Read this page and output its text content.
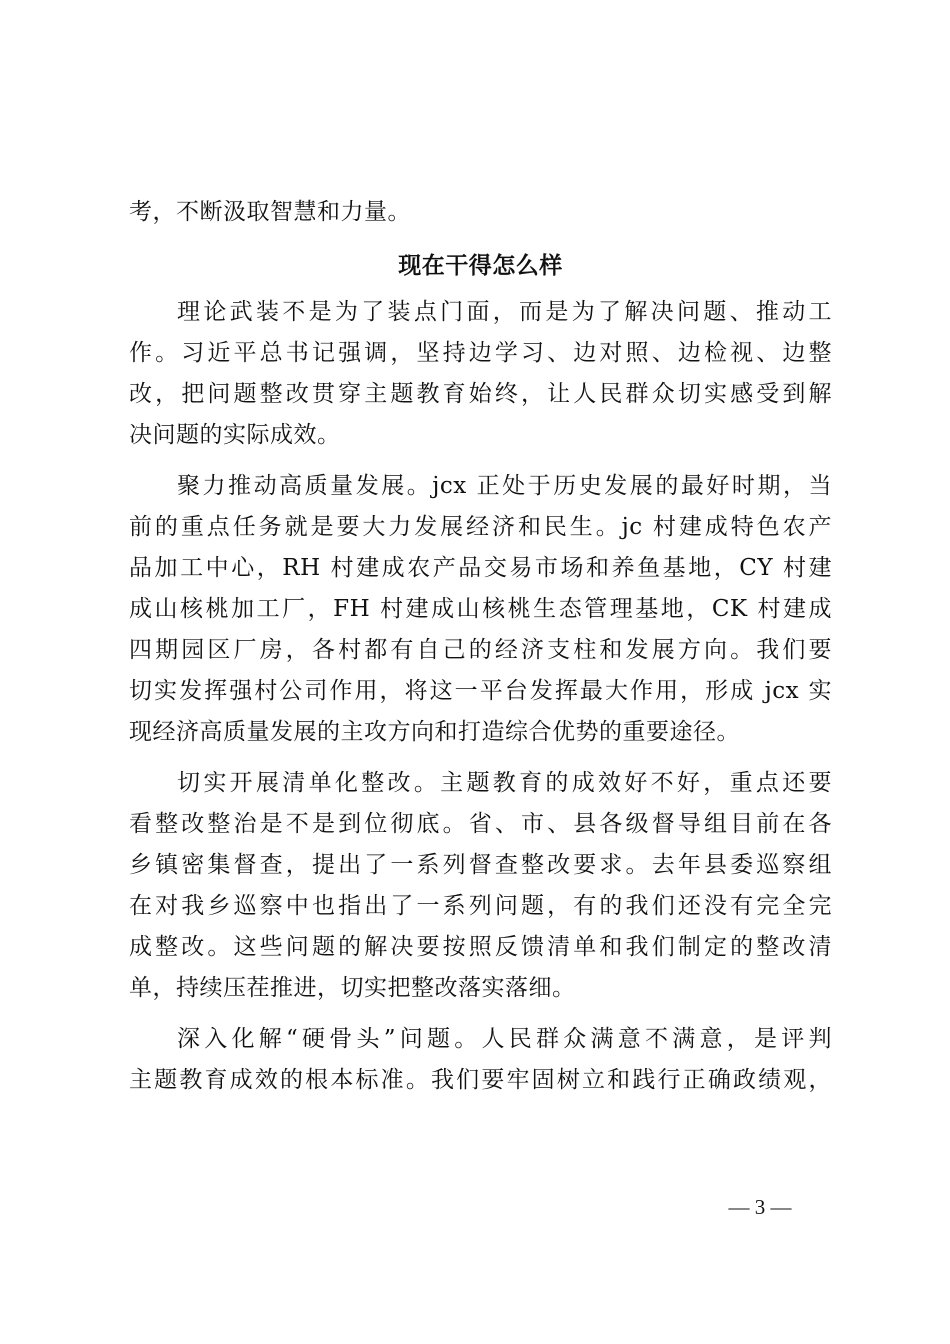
考，不断汲取智慧和力量。
现在干得怎么样
理论武装不是为了装点门面，而是为了解决问题、推动工
作。习近平总书记强调，坚持边学习、边对照、边检视、边整
改，把问题整改贯穿主题教育始终，让人民群众切实感受到解
决问题的实际成效。
聚力推动高质量发展。jcx 正处于历史发展的最好时期，当
前的重点任务就是要大力发展经济和民生。jc 村建成特色农产
品加工中心，RH 村建成农产品交易市场和养鱼基地，CY 村建
成山核桃加工厂，FH 村建成山核桃生态管理基地，CK 村建成
四期园区厂房，各村都有自己的经济支柱和发展方向。我们要
切实发挥强村公司作用，将这一平台发挥最大作用，形成 jcx 实
现经济高质量发展的主攻方向和打造综合优势的重要途径。
切实开展清单化整改。主题教育的成效好不好，重点还要
看整改整治是不是到位彻底。省、市、县各级督导组目前在各
乡镇密集督查，提出了一系列督查整改要求。去年县委巡察组
在对我乡巡察中也指出了一系列问题，有的我们还没有完全完
成整改。这些问题的解决要按照反馈清单和我们制定的整改清
单，持续压茬推进，切实把整改落实落细。
深入化解“硬骨头”问题。人民群众满意不满意，是评判
主题教育成效的根本标准。我们要牢固树立和践行正确政绩观，
— 3 —
